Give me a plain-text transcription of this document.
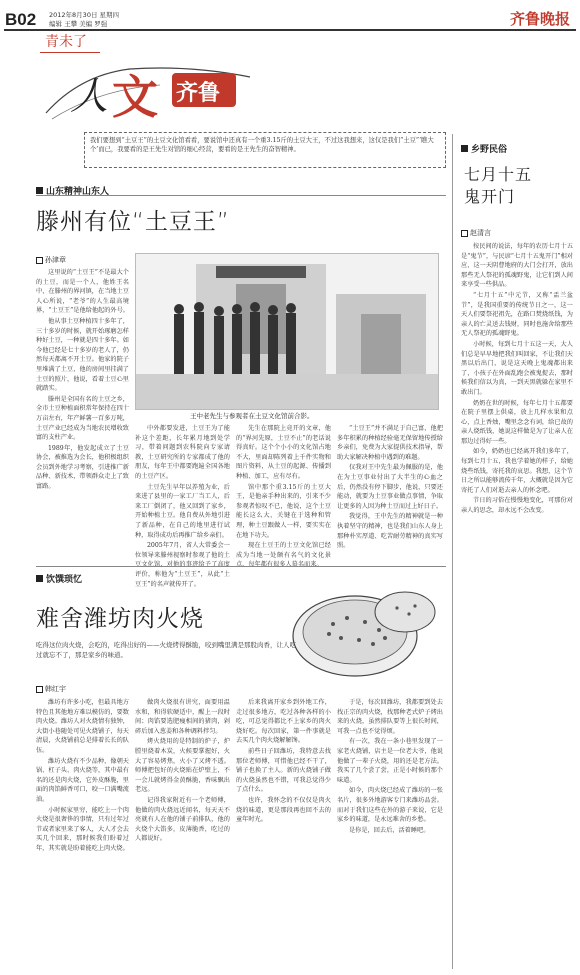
B02 2012年8月30日 星期四
编辑 王攀 美编 罗强
青未了
齐鲁晚报
人 文 齐鲁
我们要想到“土豆王”的土豆文化馆看看，要说馆中还真有一个重3.15斤的土豆大王，不过这我想来，这仅是我们“土豆”‘瞧大个’而已，我要看的是王先生对馆的细心经营，要看的是王先生的奋智精神。
山东精神山东人
滕州有位“土豆王”
孙津章
王中老先生与参观者在土豆文化馆前合影。

这里说的“土豆王”不是最大个的土豆，而是一个人，他姓王名中，在滕州的界河镇，在当地土豆人心所说，“老爷”的人生最高境界，“土豆王”是他给他起的外号。

他从事土豆种植四十多年了，三十多岁的时候，就开始琢磨怎样种好土豆，一种就是四十多年。如今他已经是七十多岁的老人了，仍然每天都离不开土豆。他家的院子里堆满了土豆，他的房间里挂满了土豆的照片，他说，看着土豆心里就踏实。

滕州是全国有名的土豆之乡，全市土豆种植面积常年保持在四十万亩左右，年产鲜薯一百多万吨，土豆产业已经成为当地农民增收致富的支柱产业。

1989年，他发起成立了土豆协会，被推选为会长，他积极组织会员到外地学习考察，引进推广新品种、新技术，带领群众走上了致富路。

中外都要发进，土豆王为了能补这个差距，长年累月地到处学习，带着问题到农科院向专家请教，土豆研究所的专家都成了他的朋友，每年王中都要跑遍全国各地的土豆产区。

土豆先生早年以养殖为业，后来进了县里的一家工厂当工人，后来工厂倒闭了，他又回到了家乡，开始种植土豆。他自费从外地引进了新品种，在自己的地里进行试种，取得成功后再推广给乡亲们。

2005年7月，省人大常委会一位领导来滕州视察时参观了他的土豆文化馆，对他的事迹给予了高度评价，称他为“土豆王”，从此“土豆王”的名声就传开了。

先生在那院上竟开的文章，他的“界河先原，土豆不止”的老话说得真好。这个个小小的文化馆占地不大，里面却陈列着上千件实物和图片资料，从土豆的起源、传播到种植、加工，应有尽有。

馆中那个重3.15斤的土豆大王，是他亲手种出来的，引来不少参观者惊叹不已，他说，这个土豆能长这么大，关键在于选种和管理，种土豆跟做人一样，要实实在在地下功夫。

现在土豆王的土豆文化馆已经成为当地一处颇有名气的文化景点，每年都有很多人慕名而来。

“土豆王”并不满足于自己富，他把多年积累的种植经验毫无保留地传授给乡亲们，免费为大家提供技术指导，帮助大家解决种植中遇到的难题。

仅我对王中先生最为佩服的是，他在为土豆事业付出了大半生的心血之后，仍然没有停下脚步，他说，只要还能动，就要为土豆事业做点事情，争取让更多的人因为种土豆而过上好日子。

我觉得，王中先生的精神就是一种执着坚守的精神，也是我们山东人身上那种朴实厚道、吃苦耐劳精神的真实写照。

饮馔琐忆
难舍潍坊肉火烧
吃得这位肉火烧，会吃的，吃得出好的——火烧烤得酥脆，咬到嘴里满是那股肉香，让人吃过就忘不了，那是家乡的味道。
韩红宇

潍坊有许多小吃，但最具地方特色且其他地方难以模仿的，要数肉火烧。潍坊人对火烧情有独钟，大街小巷随处可见火烧铺子，每天清晨，火烧铺前总是排着长长的队伍。

潍坊火烧有不少品种，像朝天锅、杠子头、肉火烧等，其中最有名的还是肉火烧，它外皮酥脆，里面的肉馅鲜香可口，咬一口满嘴流油。

小时候家里穷，能吃上一个肉火烧是很奢侈的事情，只有过年过节或者家里来了客人，大人才会去买几个回来，那时候我们盼着过年，其实就是盼着能吃上肉火烧。

做肉火烧很有讲究，面要用温水和，和得软硬适中，醒上一段时间；肉馅要选肥瘦相间的猪肉，剁碎后加入葱姜和各种调料拌匀。

烤火烧用的是特制的炉子，炉膛里烧着木炭，火候要掌握好，火大了容易烤焦，火小了又烤不透。师傅把包好的火烧贴在炉壁上，不一会儿就烤得金黄酥脆，香味飘出老远。

记得我家附近有一个老师傅，他做的肉火烧远近闻名，每天天不亮就有人在他的铺子前排队，他的火烧个大馅多，皮薄脆香，吃过的人都说好。

后来我离开家乡到外地工作，走过很多地方，吃过各种各样的小吃，可总觉得都比不上家乡的肉火烧好吃。每次回家，第一件事就是去买几个肉火烧解解馋。

前些日子回潍坊，我特意去找那位老师傅，可惜他已经不干了，铺子也换了主人。新的火烧铺子做的火烧虽然也不错，可我总觉得少了点什么。

也许，我怀念的不仅仅是肉火烧的味道，更是那段再也回不去的童年时光。

于是，每次回潍坊，我都要到处去找正宗的肉火烧，找那种老式炉子烤出来的火烧，虽然排队要等上很长时间，可我一点也不觉得烦。

有一次，我在一条小巷里发现了一家老火烧铺，店主是一位老大爷，他说他做了一辈子火烧，用的还是老方法。我买了几个尝了尝，正是小时候的那个味道。

如今，肉火烧已经成了潍坊的一张名片，很多外地游客专门来潍坊品尝。而对于我们这些在外的游子来说，它是家乡的味道，是永远难舍的乡愁。

是你是，回去后，活着睡吧。

乡野民俗
七月十五
鬼开门
赵清言

按民间的说法，每年的农历七月十五是“鬼节”，与民谚“七月十五鬼开门”相对应，这一天阴曹地府的大门会打开，放出那些无人祭祀的孤魂野鬼，让它们到人间来享受一些供品。

“七月十五”中元节，又称“盂兰盆节”，是我国重要的传统节日之一，这一天人们要祭祀祖先，在路口焚烧纸钱，为亲人的亡灵送去钱财，同时也施舍给那些无人祭祀的孤魂野鬼。

小时候，每到七月十五这一天，大人们总是早早地把我们叫回家，不让我们天黑以后出门，说是这天晚上鬼魂都出来了，小孩子在外面乱跑会被鬼捉去，那时候我们信以为真，一到天黑就躲在家里不敢出门。

奶奶在世的时候，每年七月十五都要在院子里摆上供桌，放上几样水果和点心，点上香烛，嘴里念念有词，给已故的亲人烧纸钱，她说这样做是为了让亲人在那边过得好一些。

如今，奶奶也已经离开我们多年了，每到七月十五，我也学着她的样子，给她烧些纸钱，寄托我的哀思。我想，这个节日之所以能够流传千年，大概就是因为它寄托了人们对逝去亲人的怀念吧。

节日的习俗在慢慢地变化，可那份对亲人的思念，却永远不会改变。
